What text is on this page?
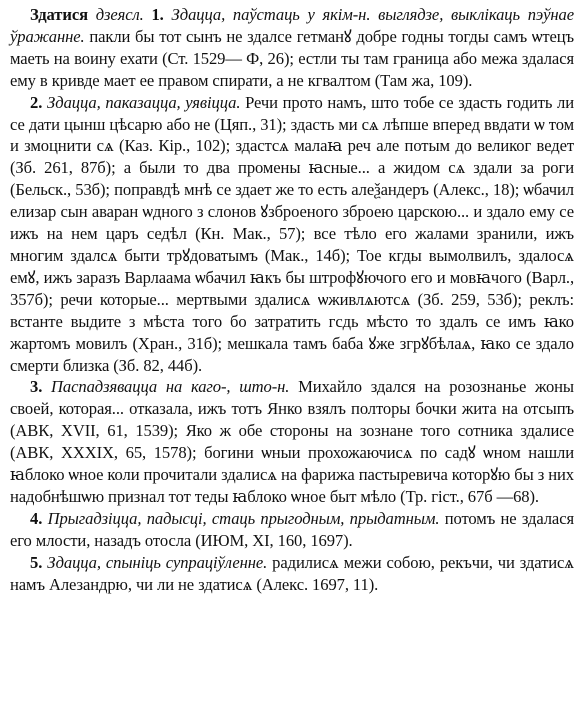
Здатися дзеясл. 1. Здацца, паўстаць у якім-н. выглядзе, выклікаць пэўнае ўражанне. пакли бы тот сынъ не здалсе гетманꙋ добре годны тогды самъ ѡтецъ маеть на воину ехати (Ст. 1529— Ф, 26); естли ты там граница або межа здалася ему в кривде мает ее правом спирати, а не кгвалтом (Там жа, 109).

2. Здацца, паказацца, уявіцца. Речи прото намъ, што тобе се здасть годить ли се дати цынш цѣсарю або не (Цяп., 31); здасть ми сѧ лѣпше вперед ввдати ѡ том и змоцнити сѧ (Каз. Кір., 102); здастсѧ малаꙗ реч але потым до великог ведет (Зб. 261, 87б); а были то два промены ꙗсные... а жидом сѧ здали за роги (Бельск., 53б); поправдѣ мнѣ се здает же то есть алеѯандеръ (Алекс., 18); ѡбачил елизар сын аваран ѡдного з слонов ꙋзброеного зброею царскою... и здало ему се ижъ на нем царъ седѣл (Кн. Мак., 57); все тѣло его жалами зранили, ижъ многим здалсѧ быти трꙋдоватымъ (Мак., 14б); Тое кгды вымолвилъ, здалосѧ емꙋ, ижъ заразъ Варлаама ѡбачил ꙗкъ бы штрофꙋючого его и мовꙗчого (Варл., 357б); речи которые... мертвыми здалисѧ ѡживлѧютсѧ (Зб. 259, 53б); реклъ: встанте выдите з мѣста того бо затратить гсдь мѣсто то здалъ се имъ ꙗко жартомъ мовилъ (Хран., 31б); мешкала тамъ баба ꙋже згрꙋбѣлаѧ, ꙗко се здало смерти близка (Зб. 82, 44б).

3. Паспадзявацца на каго-, што-н. Михайло здался на розознанье жоны своей, которая... отказала, ижъ тотъ Янко взялъ полторы бочки жита на отсыпъ (АВК, XVII, 61, 1539); Яко ж обе стороны на зознане того сотника здалисе (АВК, XXXIX, 65, 1578); богини ѡныи прохожаючисѧ по садꙋ ѡном нашли ꙗблоко ѡное коли прочитали здалисѧ на фарижа пастыревича которꙋю бы з них надобнѣшѡю признал тот теды ꙗблоко ѡное быт мѣло (Тр. гіст., 67б —68).

4. Прыгадзіцца, падысці, стаць прыгодным, прыдатным. потомъ не здалася его млости, назадъ отосла (ИЮМ, XI, 160, 1697).

5. Здацца, спыніць супраціўленне. радилисѧ межи собою, рекъчи, чи здатисѧ намъ Алезандрю, чи ли не здатисѧ (Алекс. 1697, 11).
